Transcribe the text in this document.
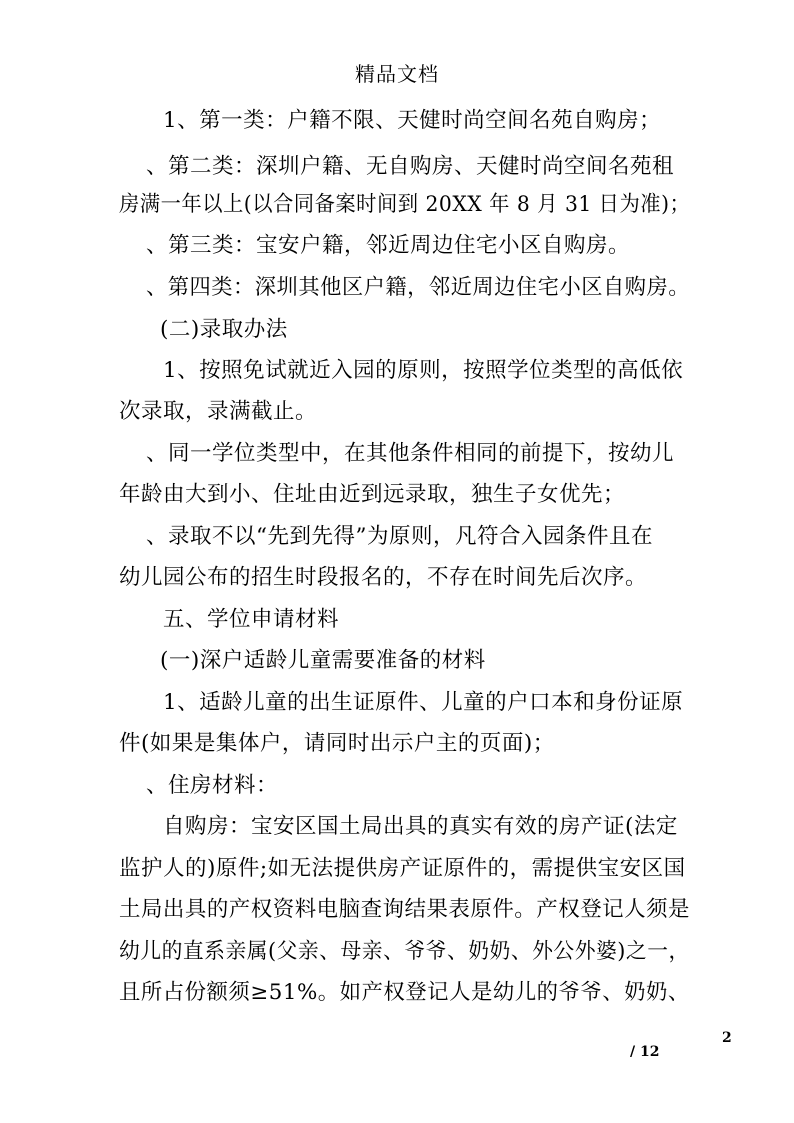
精品文档
1、第一类：户籍不限、天健时尚空间名苑自购房；
、第二类：深圳户籍、无自购房、天健时尚空间名苑租
房满一年以上(以合同备案时间到 20XX 年 8 月 31 日为准)；
、第三类：宝安户籍，邻近周边住宅小区自购房。
、第四类：深圳其他区户籍，邻近周边住宅小区自购房。
(二)录取办法
1、按照免试就近入园的原则，按照学位类型的高低依
次录取，录满截止。
、同一学位类型中，在其他条件相同的前提下，按幼儿
年龄由大到小、住址由近到远录取，独生子女优先；
、录取不以“先到先得”为原则，凡符合入园条件且在
幼儿园公布的招生时段报名的，不存在时间先后次序。
五、学位申请材料
(一)深户适龄儿童需要准备的材料
1、适龄儿童的出生证原件、儿童的户口本和身份证原
件(如果是集体户，请同时出示户主的页面)；
、住房材料：
自购房：宝安区国土局出具的真实有效的房产证(法定
监护人的)原件;如无法提供房产证原件的，需提供宝安区国
土局出具的产权资料电脑查询结果表原件。产权登记人须是
幼儿的直系亲属(父亲、母亲、爷爷、奶奶、外公外婆)之一，
且所占份额须≥51%。如产权登记人是幼儿的爷爷、奶奶、
2
/ 12
